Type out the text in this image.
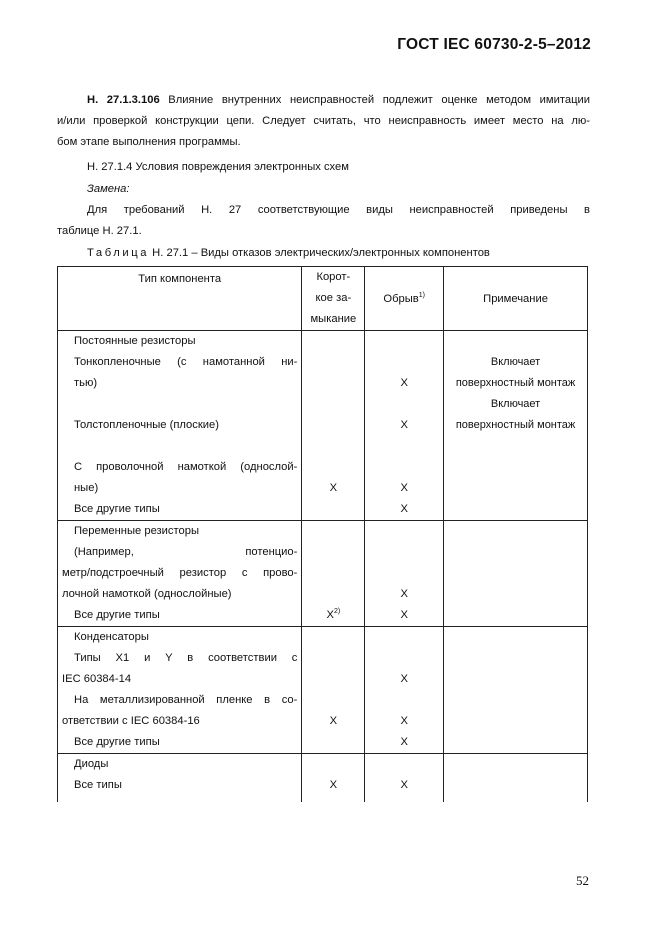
ГОСТ IEC 60730-2-5–2012

Н. 27.1.3.106 Влияние внутренних неисправностей подлежит оценке методом имитации

и/или проверкой конструкции цепи. Следует считать, что неисправность имеет место на лю-

бом этапе выполнения программы.

Н. 27.1.4 Условия повреждения электронных схем

Замена:

Для требований Н. 27 соответствующие виды неисправностей приведены в

таблице Н. 27.1.

Таблица Н. 27.1 – Виды отказов электрических/электронных компонентов

Тип компонента	Корот-
кое за-
мыкание	Обрыв$^{1)}$	Примечание
Постоянные резисторы			
Тонкопленочные (с намотанной ни-			Включает
тью)		X	поверхностный монтаж
			Включает
Толстопленочные (плоские)		X	поверхностный монтаж

С проволочной намоткой (однослой-			
ные)	X	X	
Все другие типы		X	
Переменные резисторы			

(Например, потенцио-			

метр/подстроечный резистор с прово-			
лочной намоткой (однослойные)		X	
Все другие типы	$X^{2)}$	X	
Конденсаторы			
Типы X1 и Y в соответствии с			
IEC 60384-14		X	
На металлизированной пленке в со-			
ответствии с IEC 60384-16	X	X	
Все другие типы		X	
Диоды			
Все типы	X	X	

52
